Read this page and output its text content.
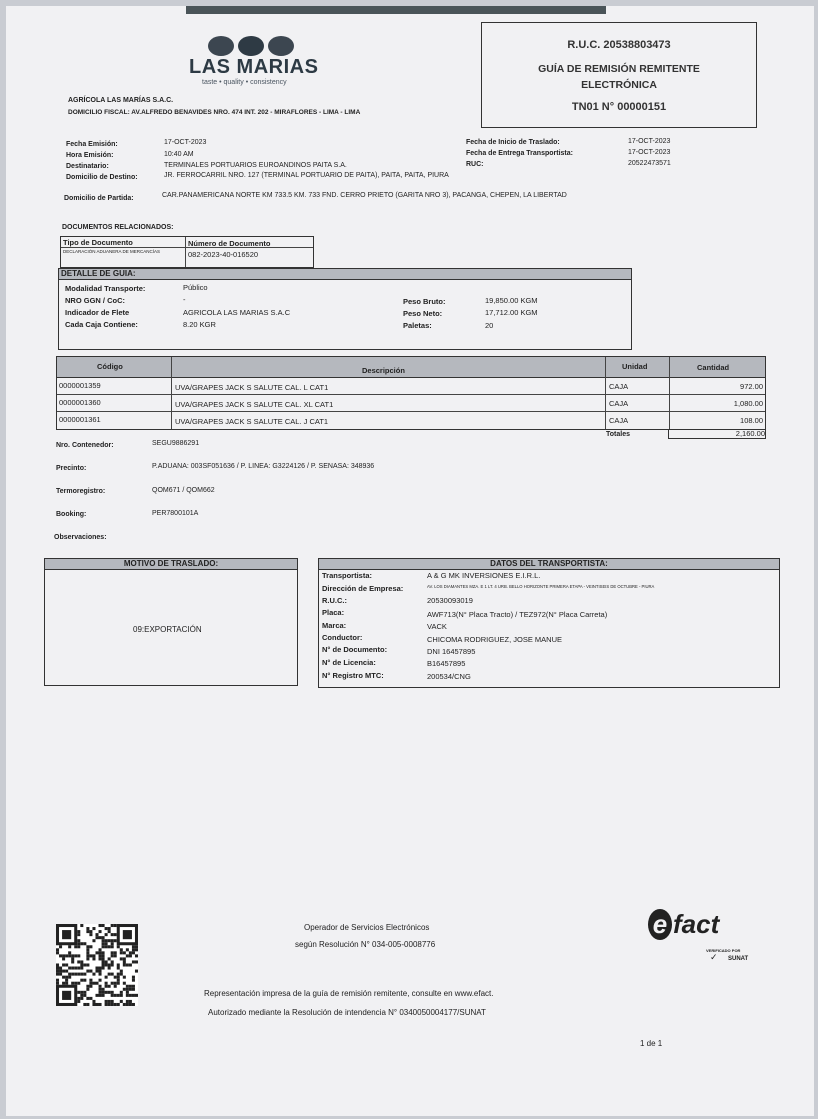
LAS MARIAS
taste • quality • consistency
AGRÍCOLA LAS MARÍAS S.A.C.
DOMICILIO FISCAL: AV.ALFREDO BENAVIDES NRO. 474 INT. 202 - MIRAFLORES - LIMA - LIMA
R.U.C. 20538803473
GUÍA DE REMISIÓN REMITENTE
ELECTRÓNICA
TN01 N° 00000151
Fecha Emisión:	17-OCT-2023
Hora Emisión:	10:40 AM
Destinatario:	TERMINALES PORTUARIOS EUROANDINOS PAITA S.A.
Domicilio de Destino:	JR. FERROCARRIL NRO. 127 (TERMINAL PORTUARIO DE PAITA), PAITA, PAITA, PIURA
Fecha de Inicio de Traslado:	17-OCT-2023
Fecha de Entrega Transportista:	17-OCT-2023
RUC:	20522473571
Domicilio de Partida:	CAR.PANAMERICANA NORTE KM 733.5 KM. 733 FND. CERRO PRIETO (GARITA NRO 3), PACANGA, CHEPEN, LA LIBERTAD
DOCUMENTOS RELACIONADOS:
Tipo de Documento	Número de Documento
DECLARACIÓN ADUANERA DE MERCANCÍAS	082-2023-40-016520
DETALLE DE GUIA:
Modalidad Transporte:	Público
NRO GGN / CoC:	-
Indicador de Flete	AGRICOLA LAS MARIAS S.A.C
Cada Caja Contiene:	8.20 KGR
Peso Bruto:	19,850.00 KGM
Peso Neto:	17,712.00 KGM
Paletas:	20
Código	Descripción	Unidad	Cantidad
0000001359	UVA/GRAPES JACK S SALUTE CAL. L CAT1	CAJA	972.00
0000001360	UVA/GRAPES JACK S SALUTE CAL. XL CAT1	CAJA	1,080.00
0000001361	UVA/GRAPES JACK S SALUTE CAL. J CAT1	CAJA	108.00
Totales	2,160.00
Nro. Contenedor:	SEGU9886291
Precinto:	P.ADUANA: 003SF051636 / P. LINEA: G3224126 / P. SENASA: 348936
Termoregistro:	QOM671 / QOM662
Booking:	PER7800101A
Observaciones:
MOTIVO DE TRASLADO:
09:EXPORTACIÓN
DATOS DEL TRANSPORTISTA:
Transportista:	A & G MK INVERSIONES E.I.R.L.
Dirección de Empresa:	AV. LOS DIAMANTES MZA. E 1 LT. 4 URB. BELLO HORIZONTE PRIMERA ETAPA - VEINTISEIS DE OCTUBRE - PIURA
R.U.C.:	20530093019
Placa:	AWF713(N° Placa Tracto) / TEZ972(N° Placa Carreta)
Marca:	VACK
Conductor:	CHICOMA RODRIGUEZ, JOSE MANUE
N° de Documento:	DNI 16457895
N° de Licencia:	B16457895
N° Registro MTC:	200534/CNG
Operador de Servicios Electrónicos
según Resolución N° 034-005-0008776
e fact
VERIFICADO POR
SUNAT
✓
Representación impresa de la guía de remisión remitente, consulte en www.efact.
Autorizado mediante la Resolución de intendencia N° 0340050004177/SUNAT
1 de 1
